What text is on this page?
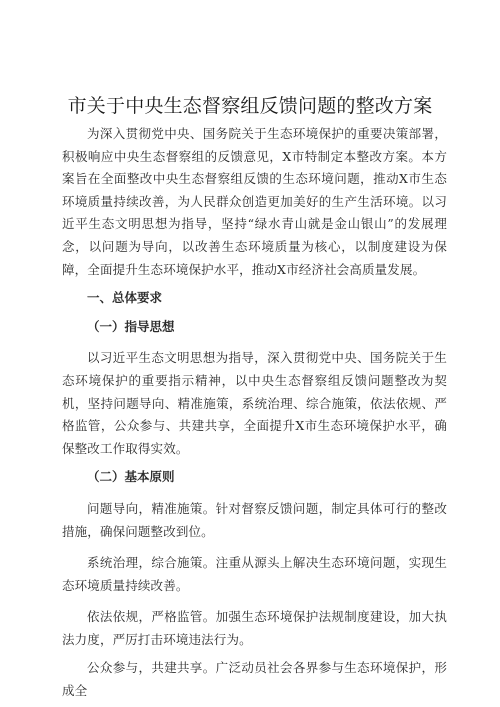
市关于中央生态督察组反馈问题的整改方案

为深入贯彻党中央、国务院关于生态环境保护的重要决策部署，积极响应中央生态督察组的反馈意见，X市特制定本整改方案。本方案旨在全面整改中央生态督察组反馈的生态环境问题，推动X市生态环境质量持续改善，为人民群众创造更加美好的生产生活环境。以习近平生态文明思想为指导，坚持“绿水青山就是金山银山”的发展理念，以问题为导向，以改善生态环境质量为核心，以制度建设为保障，全面提升生态环境保护水平，推动X市经济社会高质量发展。

一、总体要求

（一）指导思想

以习近平生态文明思想为指导，深入贯彻党中央、国务院关于生态环境保护的重要指示精神，以中央生态督察组反馈问题整改为契机，坚持问题导向、精准施策，系统治理、综合施策，依法依规、严格监管，公众参与、共建共享，全面提升X市生态环境保护水平，确保整改工作取得实效。

（二）基本原则

问题导向，精准施策。针对督察反馈问题，制定具体可行的整改措施，确保问题整改到位。

系统治理，综合施策。注重从源头上解决生态环境问题，实现生态环境质量持续改善。

依法依规，严格监管。加强生态环境保护法规制度建设，加大执法力度，严厉打击环境违法行为。

公众参与，共建共享。广泛动员社会各界参与生态环境保护，形成全
